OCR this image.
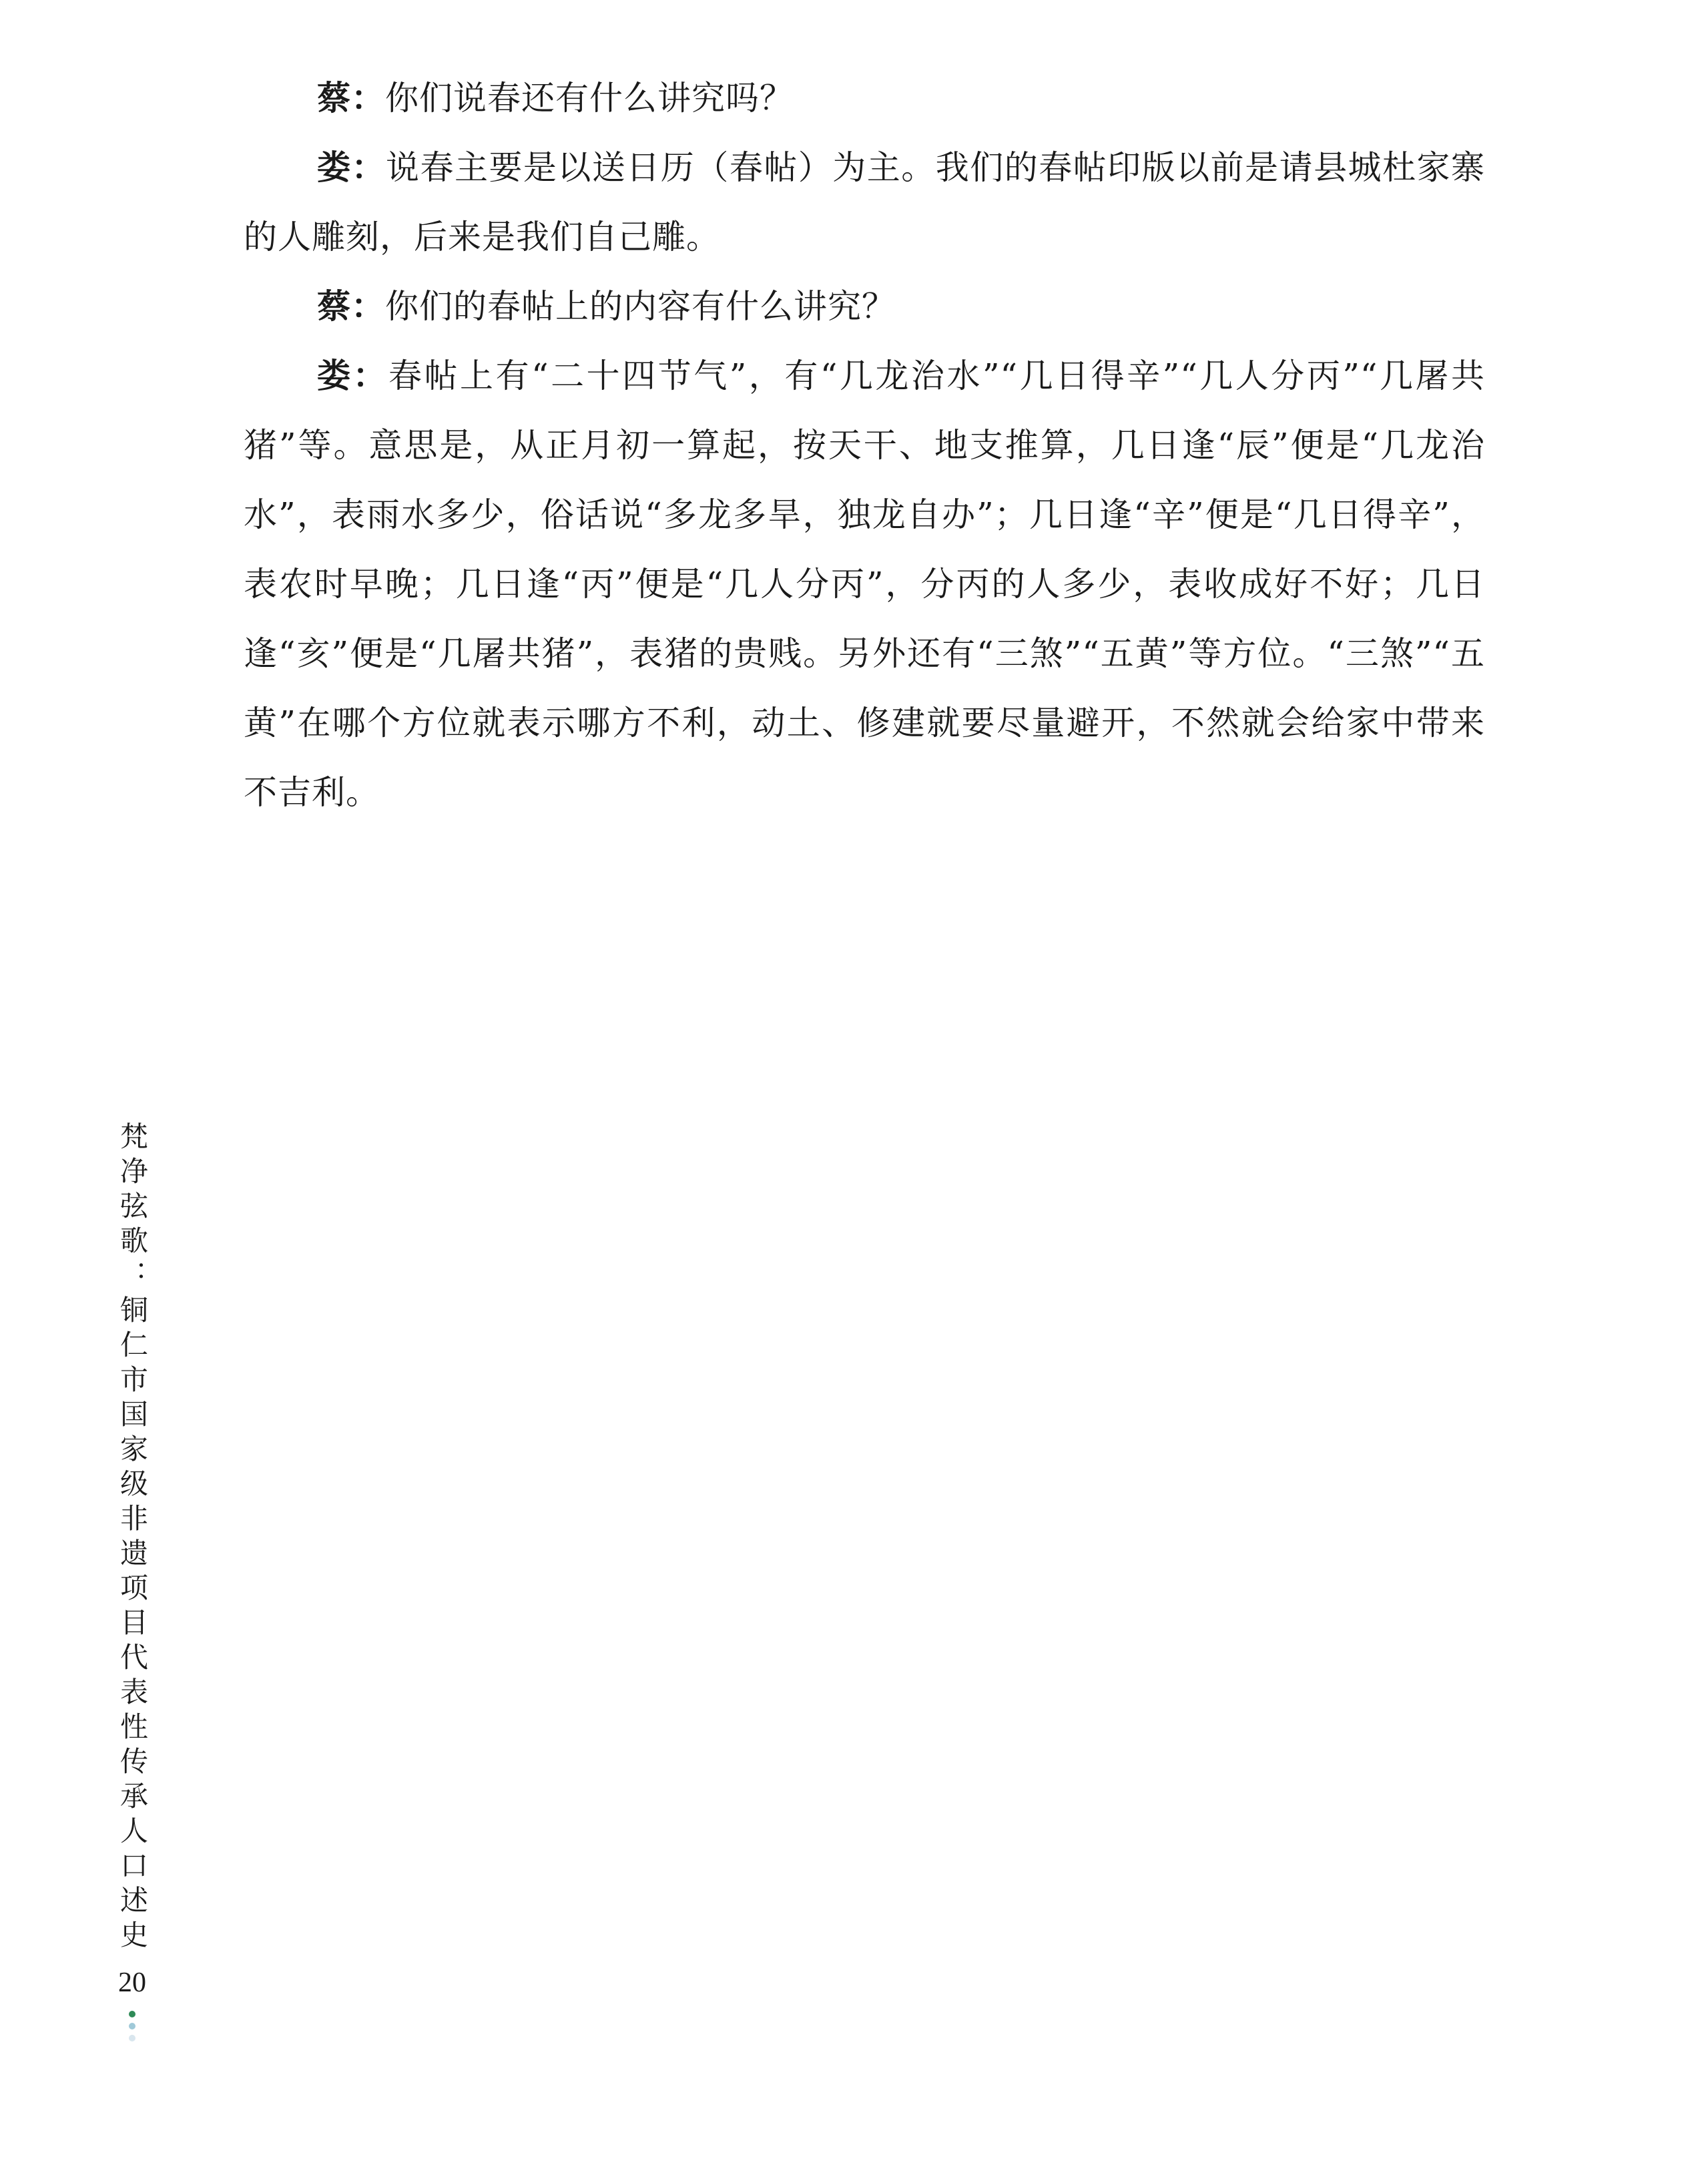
蔡：你们说春还有什么讲究吗？

娄：说春主要是以送日历（春帖）为主。我们的春帖印版以前是请县城杜家寨的人雕刻，后来是我们自己雕。

蔡：你们的春帖上的内容有什么讲究？

娄：春帖上有“二十四节气”，有“几龙治水”“几日得辛”“几人分丙”“几屠共猪”等。意思是，从正月初一算起，按天干、地支推算，几日逢“辰”便是“几龙治水”，表雨水多少，俗话说“多龙多旱，独龙自办”；几日逢“辛”便是“几日得辛”，表农时早晚；几日逢“丙”便是“几人分丙”，分丙的人多少，表收成好不好；几日逢“亥”便是“几屠共猪”，表猪的贵贱。另外还有“三煞”“五黄”等方位。“三煞”“五黄”在哪个方位就表示哪方不利，动土、修建就要尽量避开，不然就会给家中带来不吉利。

梵净弦歌：铜仁市国家级非遗项目代表性传承人口述史
20
